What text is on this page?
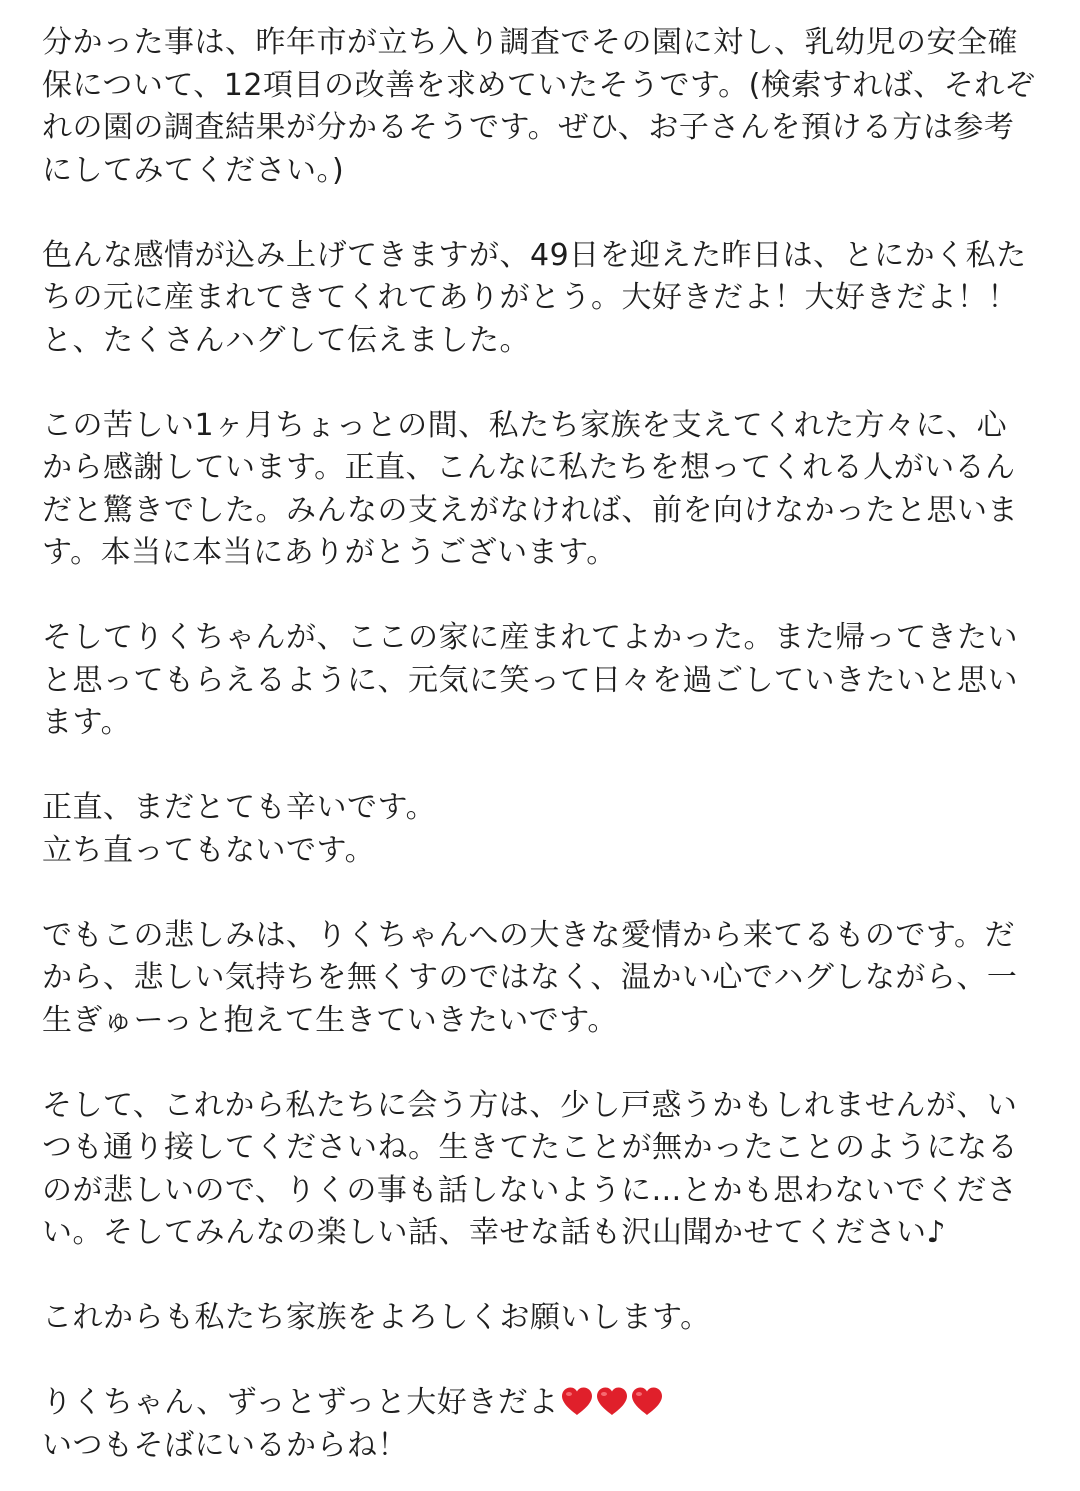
分かった事は、昨年市が立ち入り調査でその園に対し、乳幼児の安全確
保について、12項目の改善を求めていたそうです。(検索すれば、それぞ
れの園の調査結果が分かるそうです。ぜひ、お子さんを預ける方は参考
にしてみてください。)
色んな感情が込み上げてきますが、49日を迎えた昨日は、とにかく私た
ちの元に産まれてきてくれてありがとう。大好きだよ！大好きだよ！！
と、たくさんハグして伝えました。
この苦しい1ヶ月ちょっとの間、私たち家族を支えてくれた方々に、心
から感謝しています。正直、こんなに私たちを想ってくれる人がいるん
だと驚きでした。みんなの支えがなければ、前を向けなかったと思いま
す。本当に本当にありがとうございます。
そしてりくちゃんが、ここの家に産まれてよかった。また帰ってきたい
と思ってもらえるように、元気に笑って日々を過ごしていきたいと思い
ます。
正直、まだとても辛いです。
立ち直ってもないです。
でもこの悲しみは、りくちゃんへの大きな愛情から来てるものです。だ
から、悲しい気持ちを無くすのではなく、温かい心でハグしながら、一
生ぎゅーっと抱えて生きていきたいです。
そして、これから私たちに会う方は、少し戸惑うかもしれませんが、い
つも通り接してくださいね。生きてたことが無かったことのようになる
のが悲しいので、りくの事も話しないように…とかも思わないでくださ
い。そしてみんなの楽しい話、幸せな話も沢山聞かせてください♪
これからも私たち家族をよろしくお願いします。
りくちゃん、ずっとずっと大好きだよ
いつもそばにいるからね！
